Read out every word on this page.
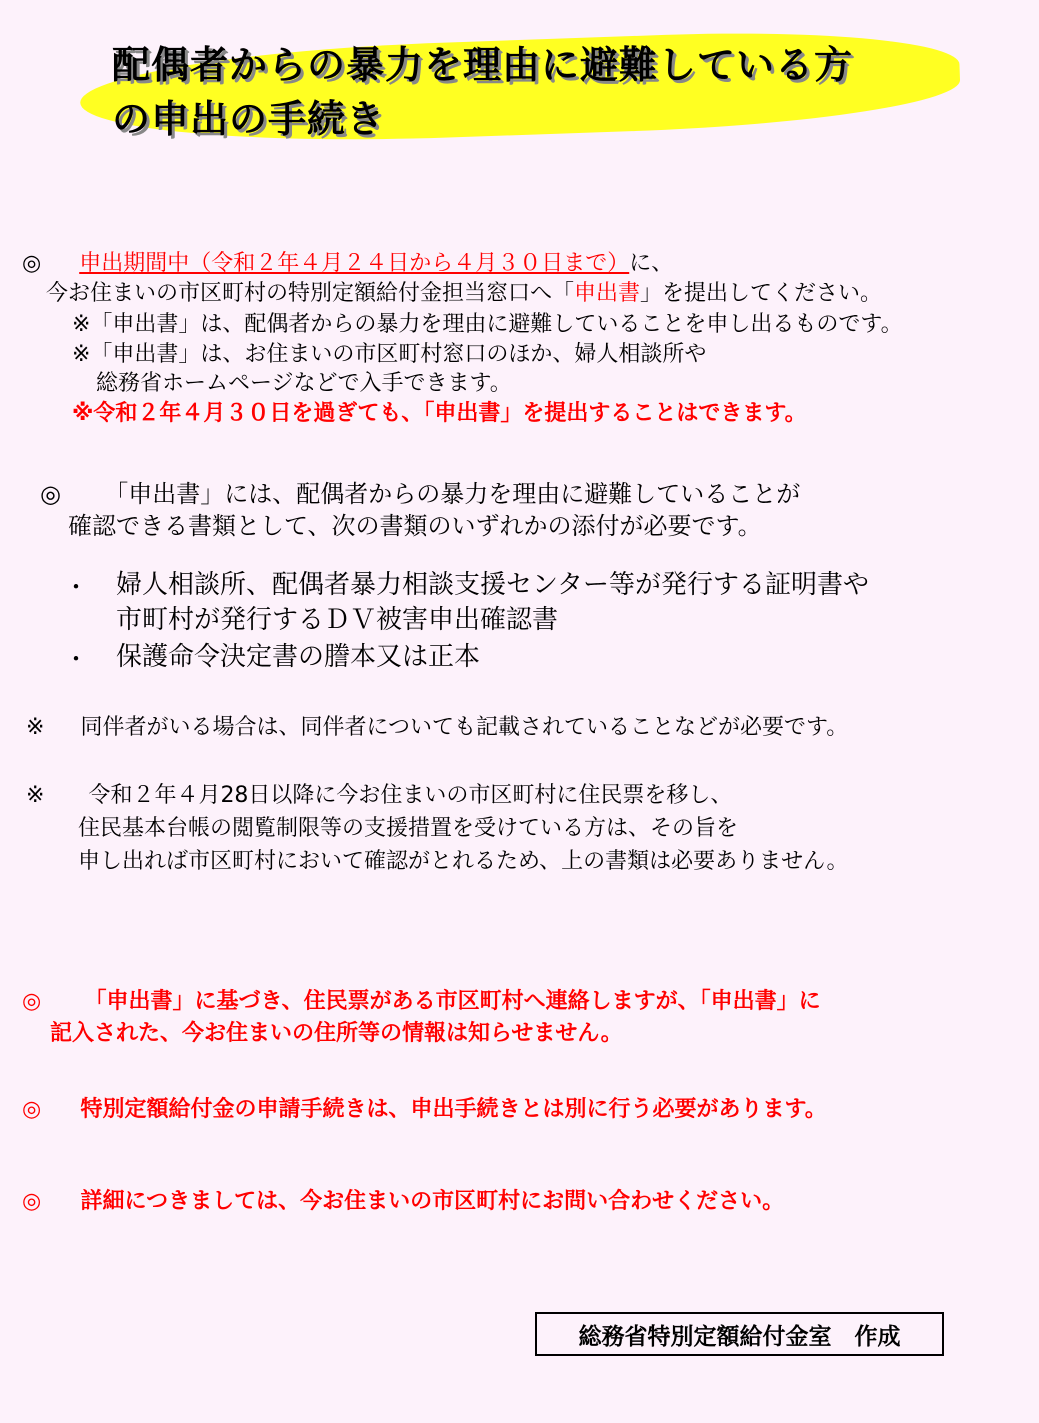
配偶者からの暴力を理由に避難している方
の申出の手続き
◎ 申出期間中（令和２年４月２４日から４月３０日まで）に、
今お住まいの市区町村の特別定額給付金担当窓口へ「申出書」を提出してください。
※「申出書」は、配偶者からの暴力を理由に避難していることを申し出るものです。
※「申出書」は、お住まいの市区町村窓口のほか、婦人相談所や
総務省ホームページなどで入手できます。
※令和２年４月３０日を過ぎても、「申出書」を提出することはできます。
◎ 「申出書」には、配偶者からの暴力を理由に避難していることが
確認できる書類として、次の書類のいずれかの添付が必要です。
・ 婦人相談所、配偶者暴力相談支援センター等が発行する証明書や
市町村が発行するＤＶ被害申出確認書
・ 保護命令決定書の謄本又は正本
※ 同伴者がいる場合は、同伴者についても記載されていることなどが必要です。
※ 令和２年４月28日以降に今お住まいの市区町村に住民票を移し、
住民基本台帳の閲覧制限等の支援措置を受けている方は、その旨を
申し出れば市区町村において確認がとれるため、上の書類は必要ありません。
◎ 「申出書」に基づき、住民票がある市区町村へ連絡しますが、「申出書」に
記入された、今お住まいの住所等の情報は知らせません。
◎ 特別定額給付金の申請手続きは、申出手続きとは別に行う必要があります。
◎ 詳細につきましては、今お住まいの市区町村にお問い合わせください。
総務省特別定額給付金室　作成
